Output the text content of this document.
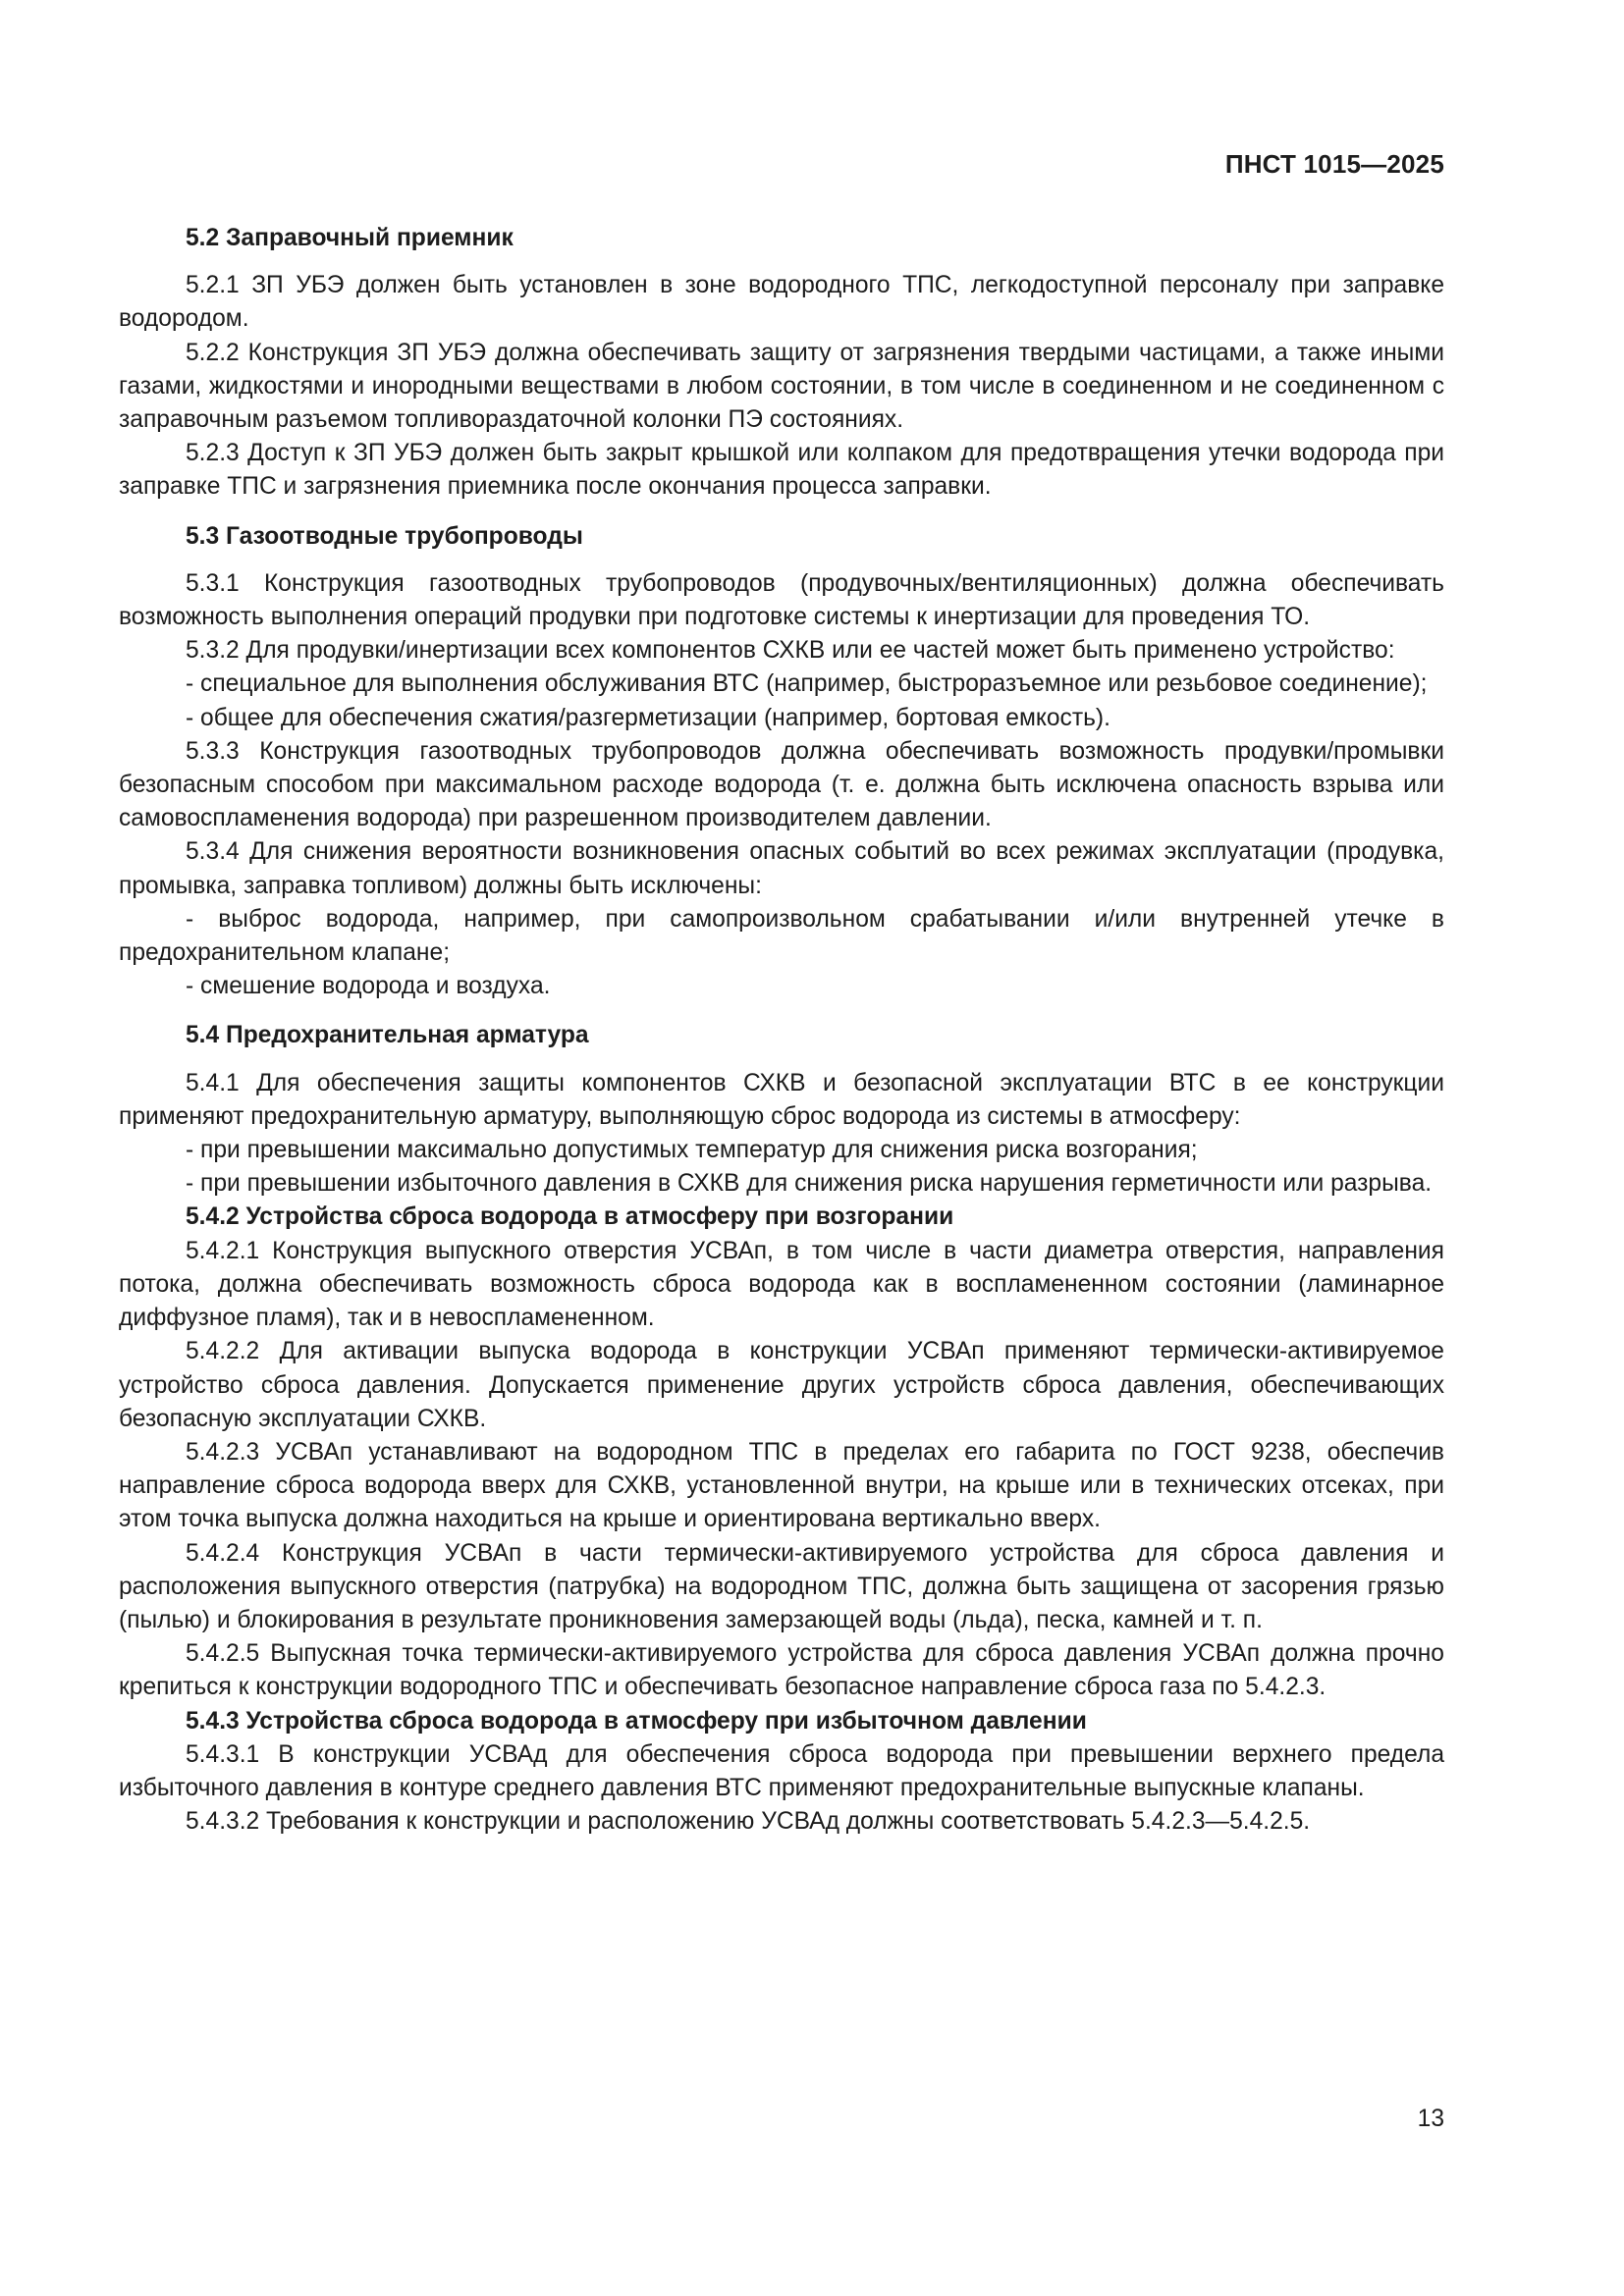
ПНСТ 1015—2025

5.2 Заправочный приемник

5.2.1 ЗП УБЭ должен быть установлен в зоне водородного ТПС, легкодоступной персоналу при заправке водородом.

5.2.2 Конструкция ЗП УБЭ должна обеспечивать защиту от загрязнения твердыми частицами, а также иными газами, жидкостями и инородными веществами в любом состоянии, в том числе в соединенном и не соединенном с заправочным разъемом топливораздаточной колонки ПЭ состояниях.

5.2.3 Доступ к ЗП УБЭ должен быть закрыт крышкой или колпаком для предотвращения утечки водорода при заправке ТПС и загрязнения приемника после окончания процесса заправки.

5.3 Газоотводные трубопроводы

5.3.1 Конструкция газоотводных трубопроводов (продувочных/вентиляционных) должна обеспечивать возможность выполнения операций продувки при подготовке системы к инертизации для проведения ТО.

5.3.2 Для продувки/инертизации всех компонентов СХКВ или ее частей может быть применено устройство:

- специальное для выполнения обслуживания ВТС (например, быстроразъемное или резьбовое соединение);

- общее для обеспечения сжатия/разгерметизации (например, бортовая емкость).

5.3.3 Конструкция газоотводных трубопроводов должна обеспечивать возможность продувки/промывки безопасным способом при максимальном расходе водорода (т. е. должна быть исключена опасность взрыва или самовоспламенения водорода) при разрешенном производителем давлении.

5.3.4 Для снижения вероятности возникновения опасных событий во всех режимах эксплуатации (продувка, промывка, заправка топливом) должны быть исключены:

- выброс водорода, например, при самопроизвольном срабатывании и/или внутренней утечке в предохранительном клапане;

- смешение водорода и воздуха.

5.4 Предохранительная арматура

5.4.1 Для обеспечения защиты компонентов СХКВ и безопасной эксплуатации ВТС в ее конструкции применяют предохранительную арматуру, выполняющую сброс водорода из системы в атмосферу:

- при превышении максимально допустимых температур для снижения риска возгорания;

- при превышении избыточного давления в СХКВ для снижения риска нарушения герметичности или разрыва.

5.4.2 Устройства сброса водорода в атмосферу при возгорании

5.4.2.1 Конструкция выпускного отверстия УСВАп, в том числе в части диаметра отверстия, направления потока, должна обеспечивать возможность сброса водорода как в воспламененном состоянии (ламинарное диффузное пламя), так и в невоспламененном.

5.4.2.2 Для активации выпуска водорода в конструкции УСВАп применяют термически-активируемое устройство сброса давления. Допускается применение других устройств сброса давления, обеспечивающих безопасную эксплуатации СХКВ.

5.4.2.3 УСВАп устанавливают на водородном ТПС в пределах его габарита по ГОСТ 9238, обеспечив направление сброса водорода вверх для СХКВ, установленной внутри, на крыше или в технических отсеках, при этом точка выпуска должна находиться на крыше и ориентирована вертикально вверх.

5.4.2.4 Конструкция УСВАп в части термически-активируемого устройства для сброса давления и расположения выпускного отверстия (патрубка) на водородном ТПС, должна быть защищена от засорения грязью (пылью) и блокирования в результате проникновения замерзающей воды (льда), песка, камней и т. п.

5.4.2.5 Выпускная точка термически-активируемого устройства для сброса давления УСВАп должна прочно крепиться к конструкции водородного ТПС и обеспечивать безопасное направление сброса газа по 5.4.2.3.

5.4.3 Устройства сброса водорода в атмосферу при избыточном давлении

5.4.3.1 В конструкции УСВАд для обеспечения сброса водорода при превышении верхнего предела избыточного давления в контуре среднего давления ВТС применяют предохранительные выпускные клапаны.

5.4.3.2 Требования к конструкции и расположению УСВАд должны соответствовать 5.4.2.3—5.4.2.5.

13
